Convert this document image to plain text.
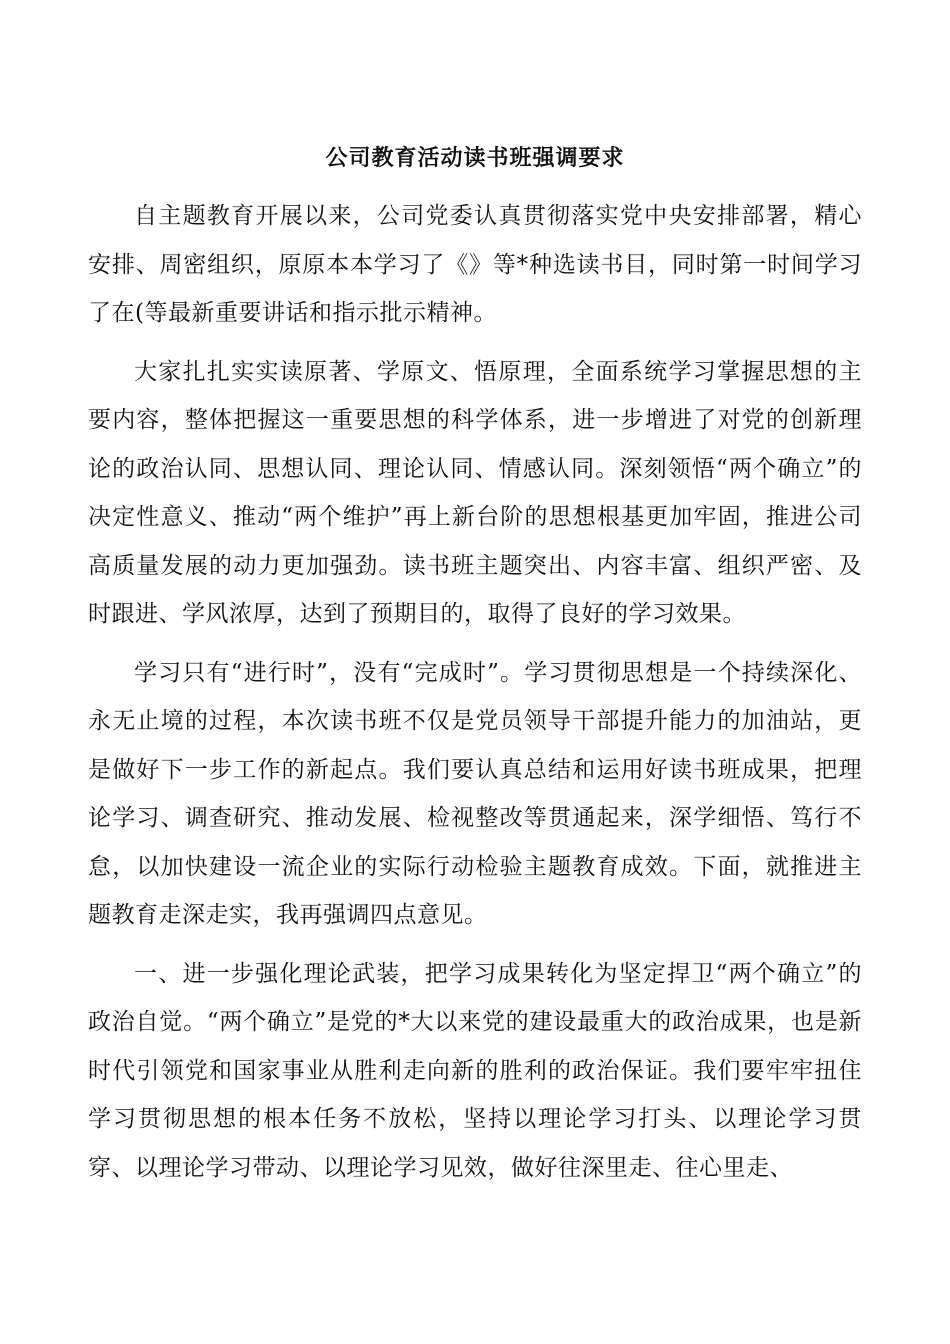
公司教育活动读书班强调要求

自主题教育开展以来，公司党委认真贯彻落实党中央安排部署，精心安排、周密组织，原原本本学习了《》等*种选读书目，同时第一时间学习了在(等最新重要讲话和指示批示精神。

大家扎扎实实读原著、学原文、悟原理，全面系统学习掌握思想的主要内容，整体把握这一重要思想的科学体系，进一步增进了对党的创新理论的政治认同、思想认同、理论认同、情感认同。深刻领悟“两个确立”的决定性意义、推动“两个维护”再上新台阶的思想根基更加牢固，推进公司高质量发展的动力更加强劲。读书班主题突出、内容丰富、组织严密、及时跟进、学风浓厚，达到了预期目的，取得了良好的学习效果。

学习只有“进行时”，没有“完成时”。学习贯彻思想是一个持续深化、永无止境的过程，本次读书班不仅是党员领导干部提升能力的加油站，更是做好下一步工作的新起点。我们要认真总结和运用好读书班成果，把理论学习、调查研究、推动发展、检视整改等贯通起来，深学细悟、笃行不怠，以加快建设一流企业的实际行动检验主题教育成效。下面，就推进主题教育走深走实，我再强调四点意见。

一、进一步强化理论武装，把学习成果转化为坚定捍卫“两个确立”的政治自觉。“两个确立”是党的*大以来党的建设最重大的政治成果，也是新时代引领党和国家事业从胜利走向新的胜利的政治保证。我们要牢牢扭住学习贯彻思想的根本任务不放松，坚持以理论学习打头、以理论学习贯穿、以理论学习带动、以理论学习见效，做好往深里走、往心里走、
